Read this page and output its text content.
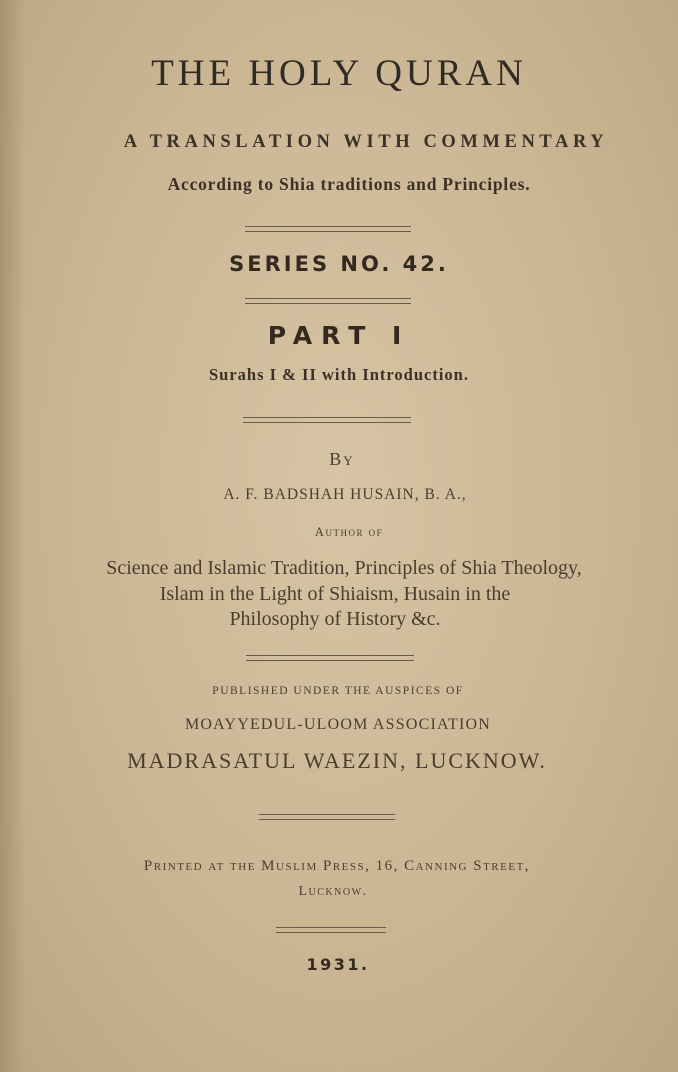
THE HOLY QURAN
A TRANSLATION WITH COMMENTARY
According to Shia traditions and Principles.
SERIES NO. 42.
PART I
Surahs I & II with Introduction.
By
A. F. BADSHAH HUSAIN, B. A.,
Author of
Science and Islamic Tradition, Principles of Shia Theology,
Islam in the Light of Shiaism, Husain in the
Philosophy of History &c.
PUBLISHED UNDER THE AUSPICES OF
MOAYYEDUL-ULOOM ASSOCIATION
MADRASATUL WAEZIN, LUCKNOW.
Printed at the Muslim Press, 16, Canning Street,
Lucknow.
1931.
